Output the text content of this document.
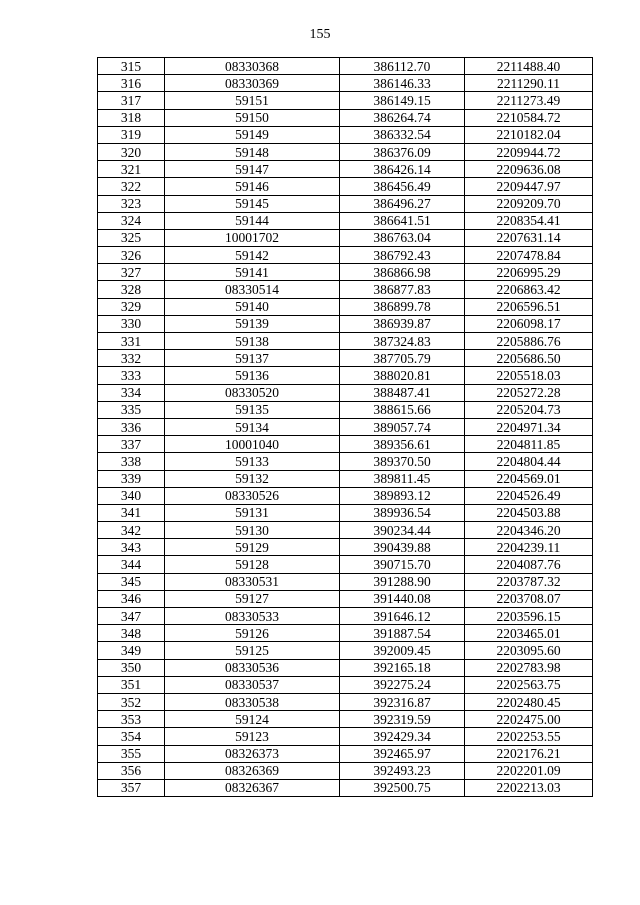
155
315	08330368	386112.70	2211488.40
316	08330369	386146.33	2211290.11
317	59151	386149.15	2211273.49
318	59150	386264.74	2210584.72
319	59149	386332.54	2210182.04
320	59148	386376.09	2209944.72
321	59147	386426.14	2209636.08
322	59146	386456.49	2209447.97
323	59145	386496.27	2209209.70
324	59144	386641.51	2208354.41
325	10001702	386763.04	2207631.14
326	59142	386792.43	2207478.84
327	59141	386866.98	2206995.29
328	08330514	386877.83	2206863.42
329	59140	386899.78	2206596.51
330	59139	386939.87	2206098.17
331	59138	387324.83	2205886.76
332	59137	387705.79	2205686.50
333	59136	388020.81	2205518.03
334	08330520	388487.41	2205272.28
335	59135	388615.66	2205204.73
336	59134	389057.74	2204971.34
337	10001040	389356.61	2204811.85
338	59133	389370.50	2204804.44
339	59132	389811.45	2204569.01
340	08330526	389893.12	2204526.49
341	59131	389936.54	2204503.88
342	59130	390234.44	2204346.20
343	59129	390439.88	2204239.11
344	59128	390715.70	2204087.76
345	08330531	391288.90	2203787.32
346	59127	391440.08	2203708.07
347	08330533	391646.12	2203596.15
348	59126	391887.54	2203465.01
349	59125	392009.45	2203095.60
350	08330536	392165.18	2202783.98
351	08330537	392275.24	2202563.75
352	08330538	392316.87	2202480.45
353	59124	392319.59	2202475.00
354	59123	392429.34	2202253.55
355	08326373	392465.97	2202176.21
356	08326369	392493.23	2202201.09
357	08326367	392500.75	2202213.03
